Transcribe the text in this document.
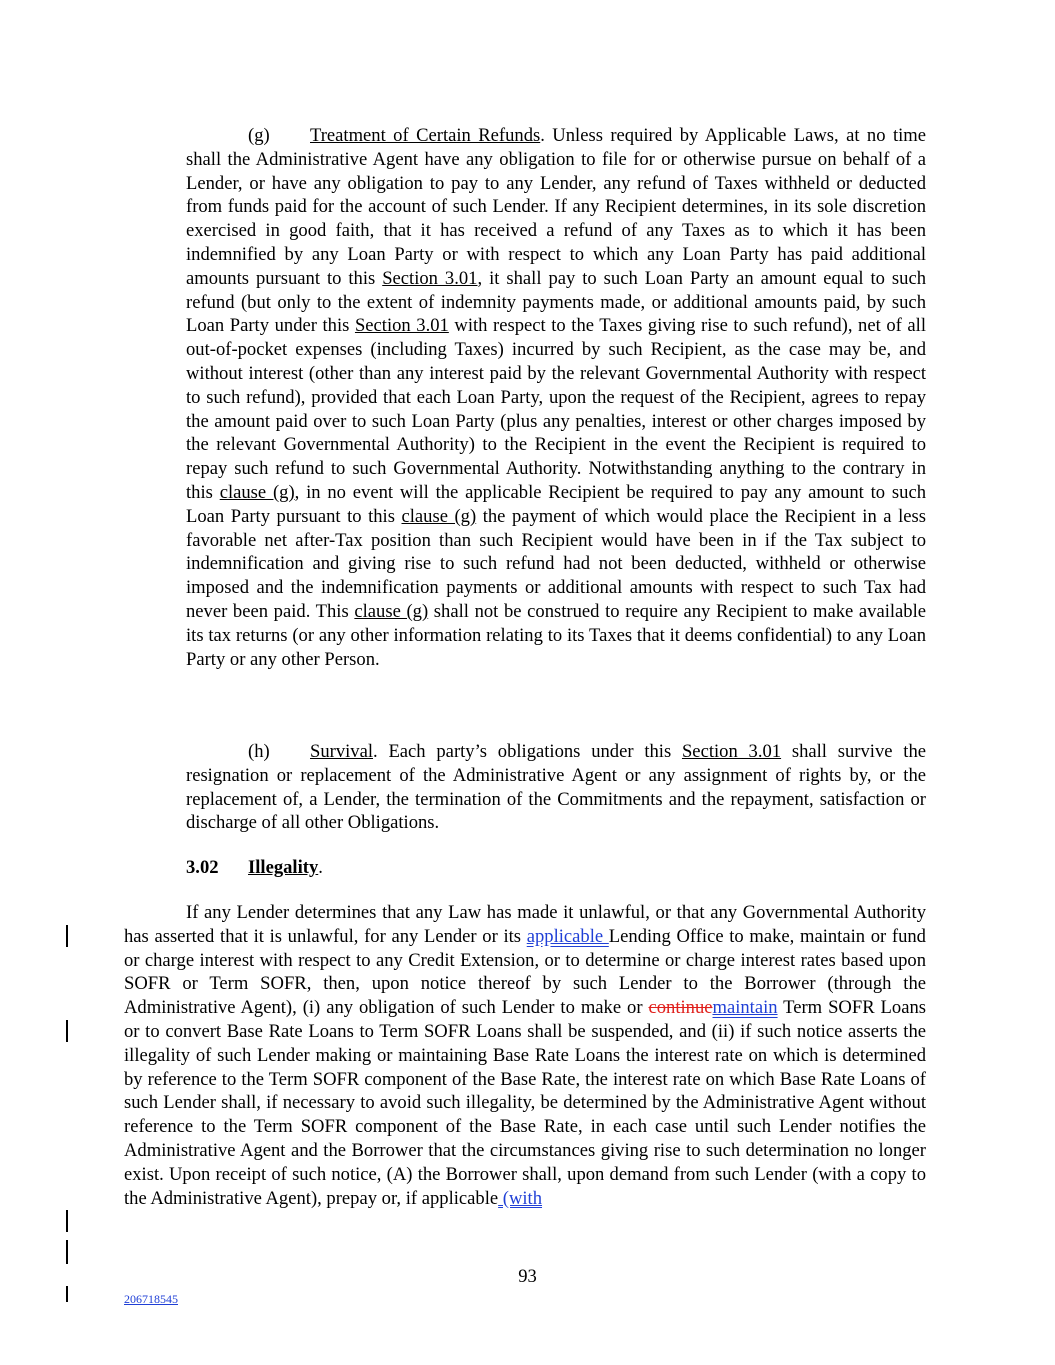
(g) Treatment of Certain Refunds. Unless required by Applicable Laws, at no time shall the Administrative Agent have any obligation to file for or otherwise pursue on behalf of a Lender, or have any obligation to pay to any Lender, any refund of Taxes withheld or deducted from funds paid for the account of such Lender. If any Recipient determines, in its sole discretion exercised in good faith, that it has received a refund of any Taxes as to which it has been indemnified by any Loan Party or with respect to which any Loan Party has paid additional amounts pursuant to this Section 3.01, it shall pay to such Loan Party an amount equal to such refund (but only to the extent of indemnity payments made, or additional amounts paid, by such Loan Party under this Section 3.01 with respect to the Taxes giving rise to such refund), net of all out-of-pocket expenses (including Taxes) incurred by such Recipient, as the case may be, and without interest (other than any interest paid by the relevant Governmental Authority with respect to such refund), provided that each Loan Party, upon the request of the Recipient, agrees to repay the amount paid over to such Loan Party (plus any penalties, interest or other charges imposed by the relevant Governmental Authority) to the Recipient in the event the Recipient is required to repay such refund to such Governmental Authority. Notwithstanding anything to the contrary in this clause (g), in no event will the applicable Recipient be required to pay any amount to such Loan Party pursuant to this clause (g) the payment of which would place the Recipient in a less favorable net after-Tax position than such Recipient would have been in if the Tax subject to indemnification and giving rise to such refund had not been deducted, withheld or otherwise imposed and the indemnification payments or additional amounts with respect to such Tax had never been paid. This clause (g) shall not be construed to require any Recipient to make available its tax returns (or any other information relating to its Taxes that it deems confidential) to any Loan Party or any other Person.

(h) Survival. Each party’s obligations under this Section 3.01 shall survive the resignation or replacement of the Administrative Agent or any assignment of rights by, or the replacement of, a Lender, the termination of the Commitments and the repayment, satisfaction or discharge of all other Obligations.

3.02 Illegality.

If any Lender determines that any Law has made it unlawful, or that any Governmental Authority has asserted that it is unlawful, for any Lender or its applicable Lending Office to make, maintain or fund or charge interest with respect to any Credit Extension, or to determine or charge interest rates based upon SOFR or Term SOFR, then, upon notice thereof by such Lender to the Borrower (through the Administrative Agent), (i) any obligation of such Lender to make or continuemaintain Term SOFR Loans or to convert Base Rate Loans to Term SOFR Loans shall be suspended, and (ii) if such notice asserts the illegality of such Lender making or maintaining Base Rate Loans the interest rate on which is determined by reference to the Term SOFR component of the Base Rate, the interest rate on which Base Rate Loans of such Lender shall, if necessary to avoid such illegality, be determined by the Administrative Agent without reference to the Term SOFR component of the Base Rate, in each case until such Lender notifies the Administrative Agent and the Borrower that the circumstances giving rise to such determination no longer exist. Upon receipt of such notice, (A) the Borrower shall, upon demand from such Lender (with a copy to the Administrative Agent), prepay or, if applicable (with

93
206718545
